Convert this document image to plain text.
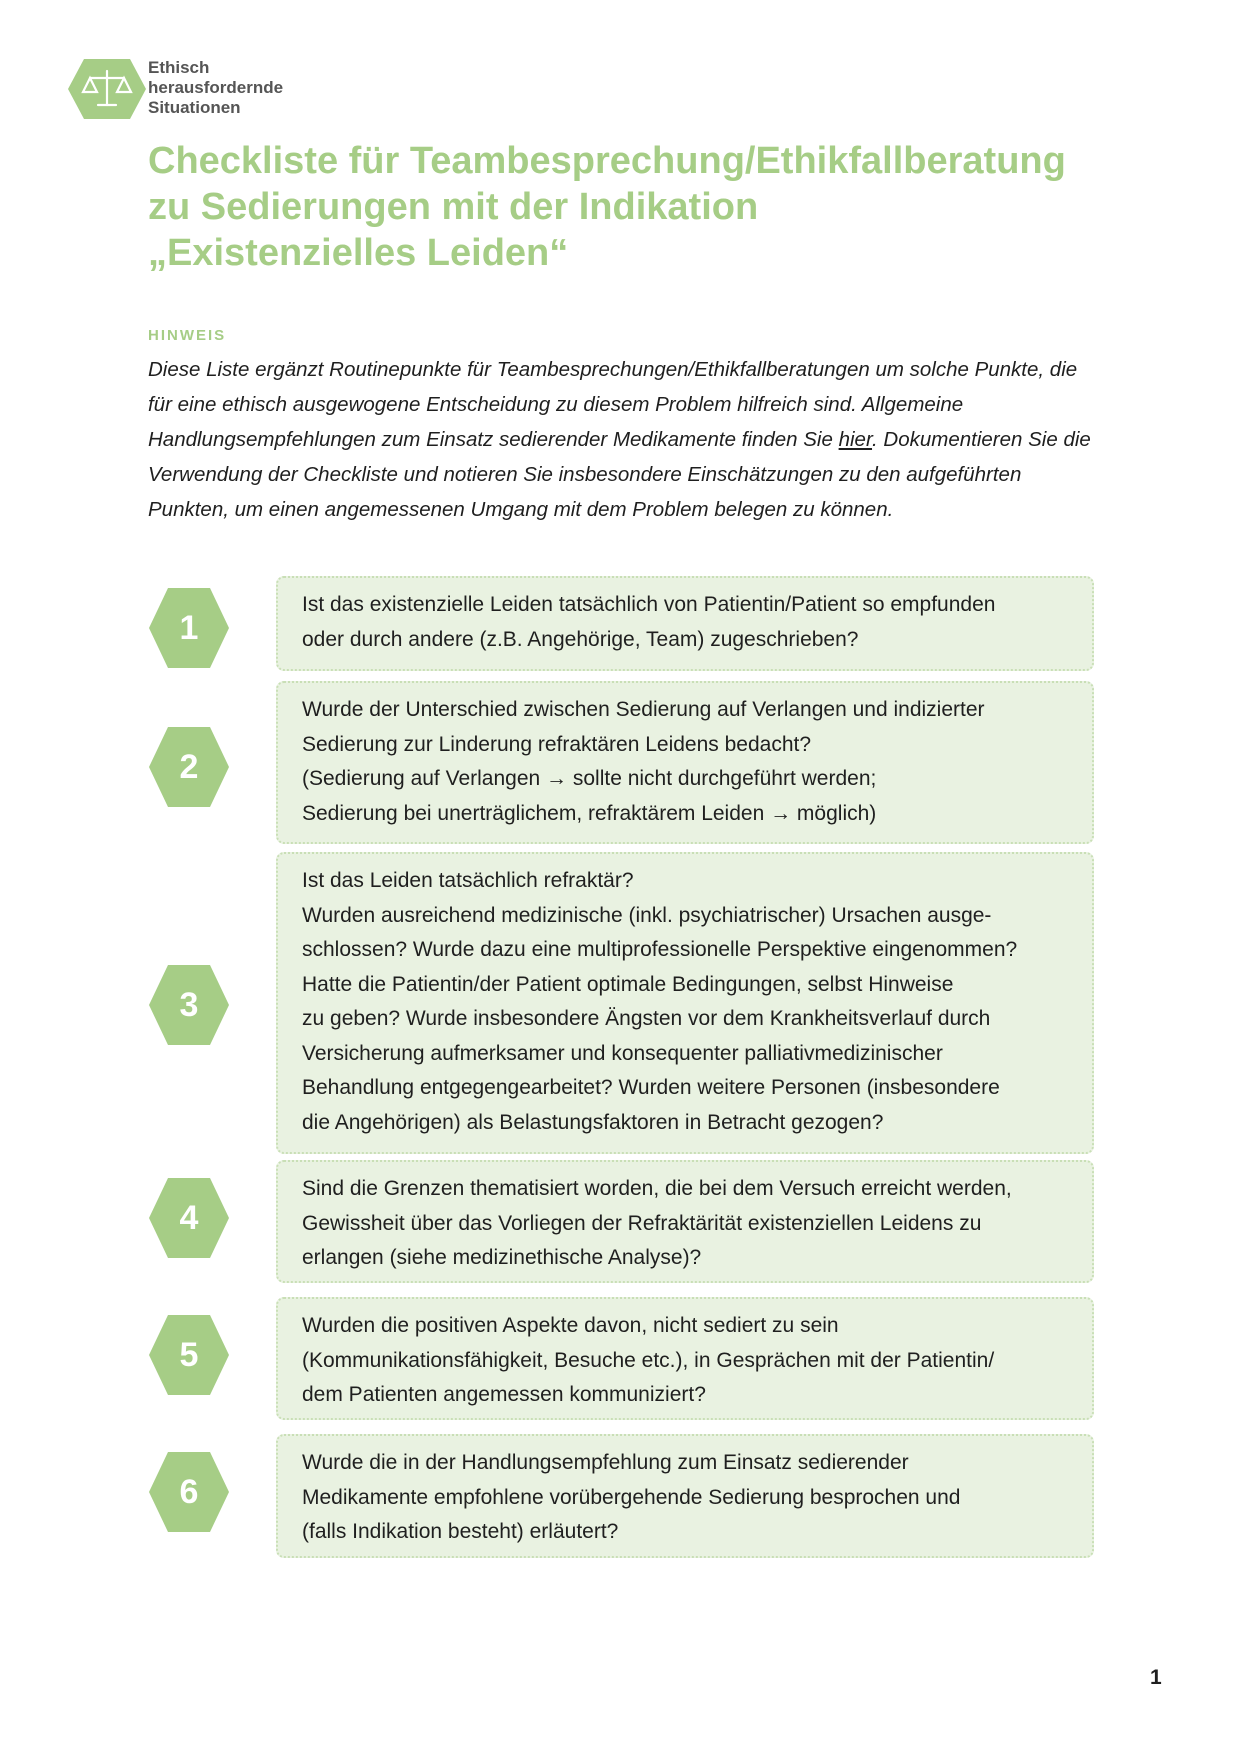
Ethisch
herausfordernde
Situationen
Checkliste für Teambesprechung/Ethikfallberatung
zu Sedierungen mit der Indikation
„Existenzielles Leiden“
HINWEIS
Diese Liste ergänzt Routinepunkte für Teambesprechungen/Ethikfallberatungen um solche Punkte, die für eine ethisch ausgewogene Entscheidung zu diesem Problem hilfreich sind. Allgemeine Handlungsempfehlungen zum Einsatz sedierender Medikamente finden Sie hier. Dokumentieren Sie die Verwendung der Checkliste und notieren Sie insbesondere Einschätzungen zu den aufgeführten Punkten, um einen angemessenen Umgang mit dem Problem belegen zu können.
1
Ist das existenzielle Leiden tatsächlich von Patientin/Patient so empfunden
oder durch andere (z.B. Angehörige, Team) zugeschrieben?
2
Wurde der Unterschied zwischen Sedierung auf Verlangen und indizierter
Sedierung zur Linderung refraktären Leidens bedacht?
(Sedierung auf Verlangen → sollte nicht durchgeführt werden;
Sedierung bei unerträglichem, refraktärem Leiden → möglich)
3
Ist das Leiden tatsächlich refraktär?
Wurden ausreichend medizinische (inkl. psychiatrischer) Ursachen ausge-
schlossen? Wurde dazu eine multiprofessionelle Perspektive eingenommen?
Hatte die Patientin/der Patient optimale Bedingungen, selbst Hinweise
zu geben? Wurde insbesondere Ängsten vor dem Krankheitsverlauf durch
Versicherung aufmerksamer und konsequenter palliativmedizinischer
Behandlung entgegengearbeitet? Wurden weitere Personen (insbesondere
die Angehörigen) als Belastungsfaktoren in Betracht gezogen?
4
Sind die Grenzen thematisiert worden, die bei dem Versuch erreicht werden,
Gewissheit über das Vorliegen der Refraktärität existenziellen Leidens zu
erlangen (siehe medizinethische Analyse)?
5
Wurden die positiven Aspekte davon, nicht sediert zu sein
(Kommunikationsfähigkeit, Besuche etc.), in Gesprächen mit der Patientin/
dem Patienten angemessen kommuniziert?
6
Wurde die in der Handlungsempfehlung zum Einsatz sedierender
Medikamente empfohlene vorübergehende Sedierung besprochen und
(falls Indikation besteht) erläutert?
1
